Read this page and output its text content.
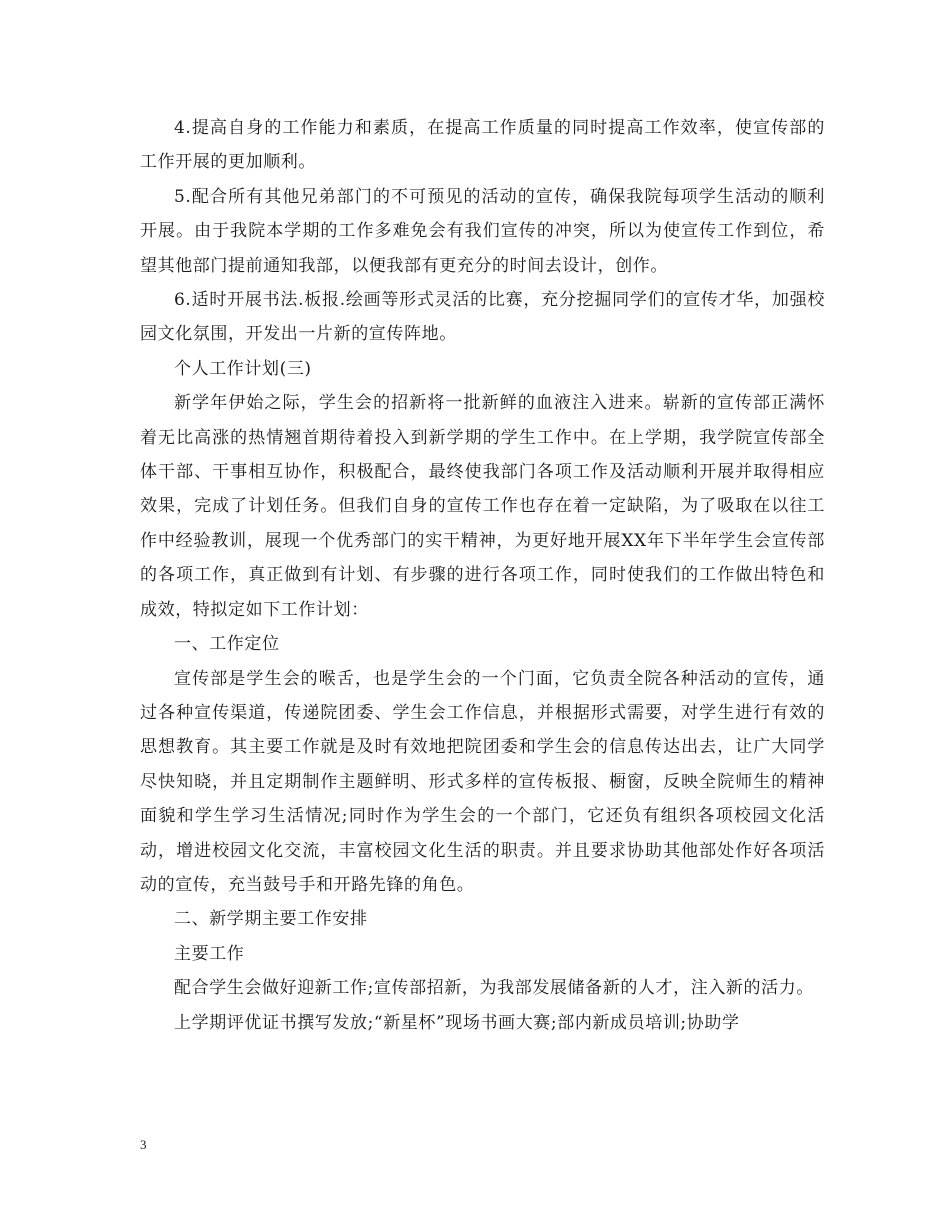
4.提高自身的工作能力和素质，在提高工作质量的同时提高工作效率，使宣传部的工作开展的更加顺利。

5.配合所有其他兄弟部门的不可预见的活动的宣传，确保我院每项学生活动的顺利开展。由于我院本学期的工作多难免会有我们宣传的冲突，所以为使宣传工作到位，希望其他部门提前通知我部，以便我部有更充分的时间去设计，创作。

6.适时开展书法.板报.绘画等形式灵活的比赛，充分挖掘同学们的宣传才华，加强校园文化氛围，开发出一片新的宣传阵地。

个人工作计划(三)

新学年伊始之际，学生会的招新将一批新鲜的血液注入进来。崭新的宣传部正满怀着无比高涨的热情翘首期待着投入到新学期的学生工作中。在上学期，我学院宣传部全体干部、干事相互协作，积极配合，最终使我部门各项工作及活动顺利开展并取得相应效果，完成了计划任务。但我们自身的宣传工作也存在着一定缺陷，为了吸取在以往工作中经验教训，展现一个优秀部门的实干精神，为更好地开展XX年下半年学生会宣传部的各项工作，真正做到有计划、有步骤的进行各项工作，同时使我们的工作做出特色和成效，特拟定如下工作计划：

一、工作定位

宣传部是学生会的喉舌，也是学生会的一个门面，它负责全院各种活动的宣传，通过各种宣传渠道，传递院团委、学生会工作信息，并根据形式需要，对学生进行有效的思想教育。其主要工作就是及时有效地把院团委和学生会的信息传达出去，让广大同学尽快知晓，并且定期制作主题鲜明、形式多样的宣传板报、橱窗，反映全院师生的精神面貌和学生学习生活情况;同时作为学生会的一个部门，它还负有组织各项校园文化活动，增进校园文化交流，丰富校园文化生活的职责。并且要求协助其他部处作好各项活动的宣传，充当鼓号手和开路先锋的角色。

二、新学期主要工作安排

主要工作

配合学生会做好迎新工作;宣传部招新，为我部发展储备新的人才，注入新的活力。

上学期评优证书撰写发放;“新星杯”现场书画大赛;部内新成员培训;协助学

3
